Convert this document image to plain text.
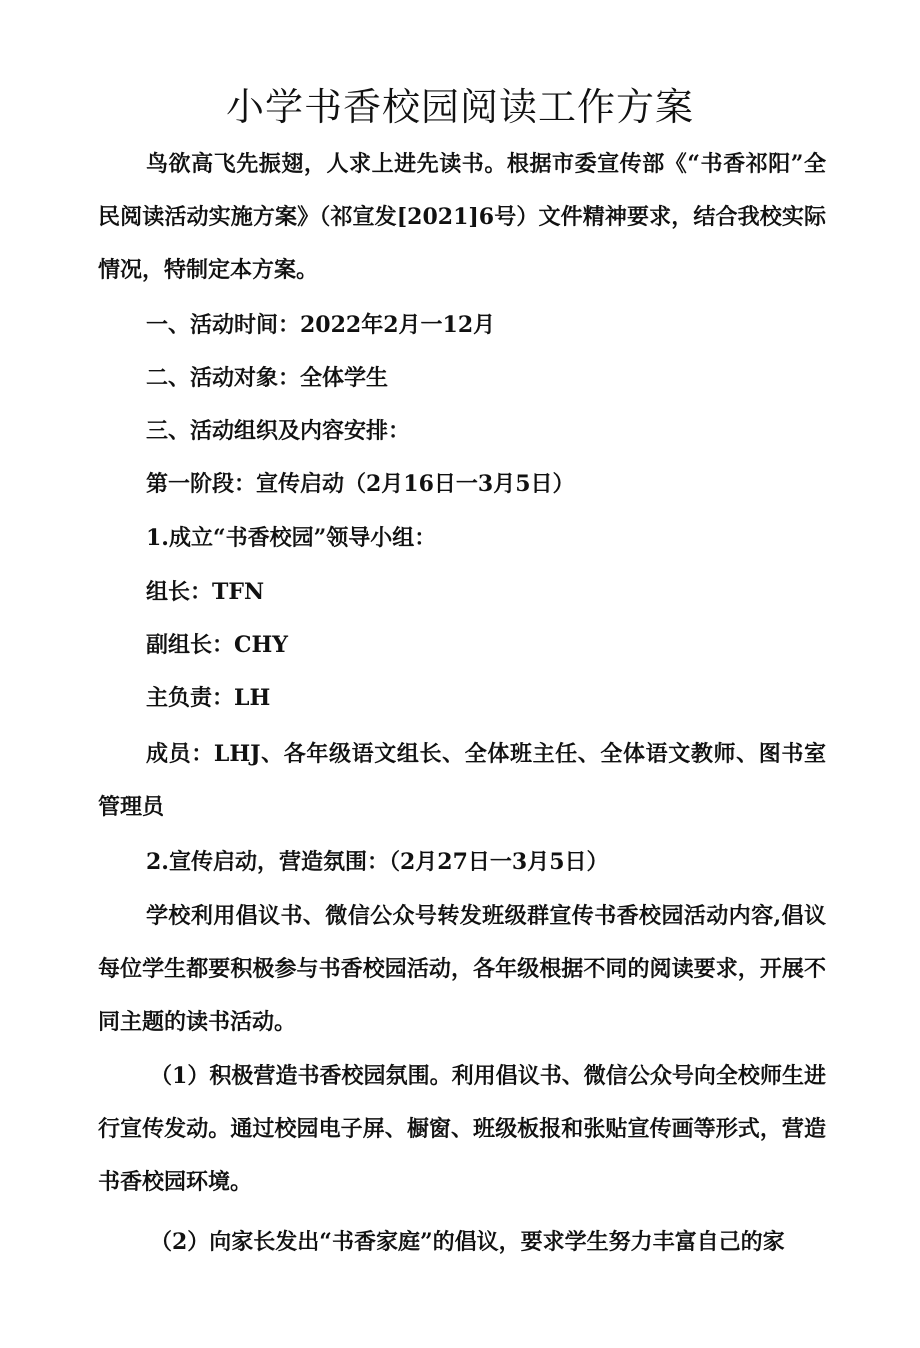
小学书香校园阅读工作方案

鸟欲高飞先振翅，人求上进先读书。根据市委宣传部《“书香祁阳”全民阅读活动实施方案》（祁宣发[2021]6号）文件精神要求，结合我校实际情况，特制定本方案。

一、活动时间：2022年2月一12月

二、活动对象：全体学生

三、活动组织及内容安排：

第一阶段：宣传启动（2月16日一3月5日）

1.成立“书香校园”领导小组：

组长：TFN

副组长：CHY

主负责：LH

成员：LHJ、各年级语文组长、全体班主任、全体语文教师、图书室管理员

2.宣传启动，营造氛围：（2月27日一3月5日）

学校利用倡议书、微信公众号转发班级群宣传书香校园活动内容,倡议每位学生都要积极参与书香校园活动，各年级根据不同的阅读要求，开展不同主题的读书活动。

（1）积极营造书香校园氛围。利用倡议书、微信公众号向全校师生进行宣传发动。通过校园电子屏、橱窗、班级板报和张贴宣传画等形式，营造书香校园环境。

（2）向家长发出“书香家庭”的倡议，要求学生努力丰富自己的家
